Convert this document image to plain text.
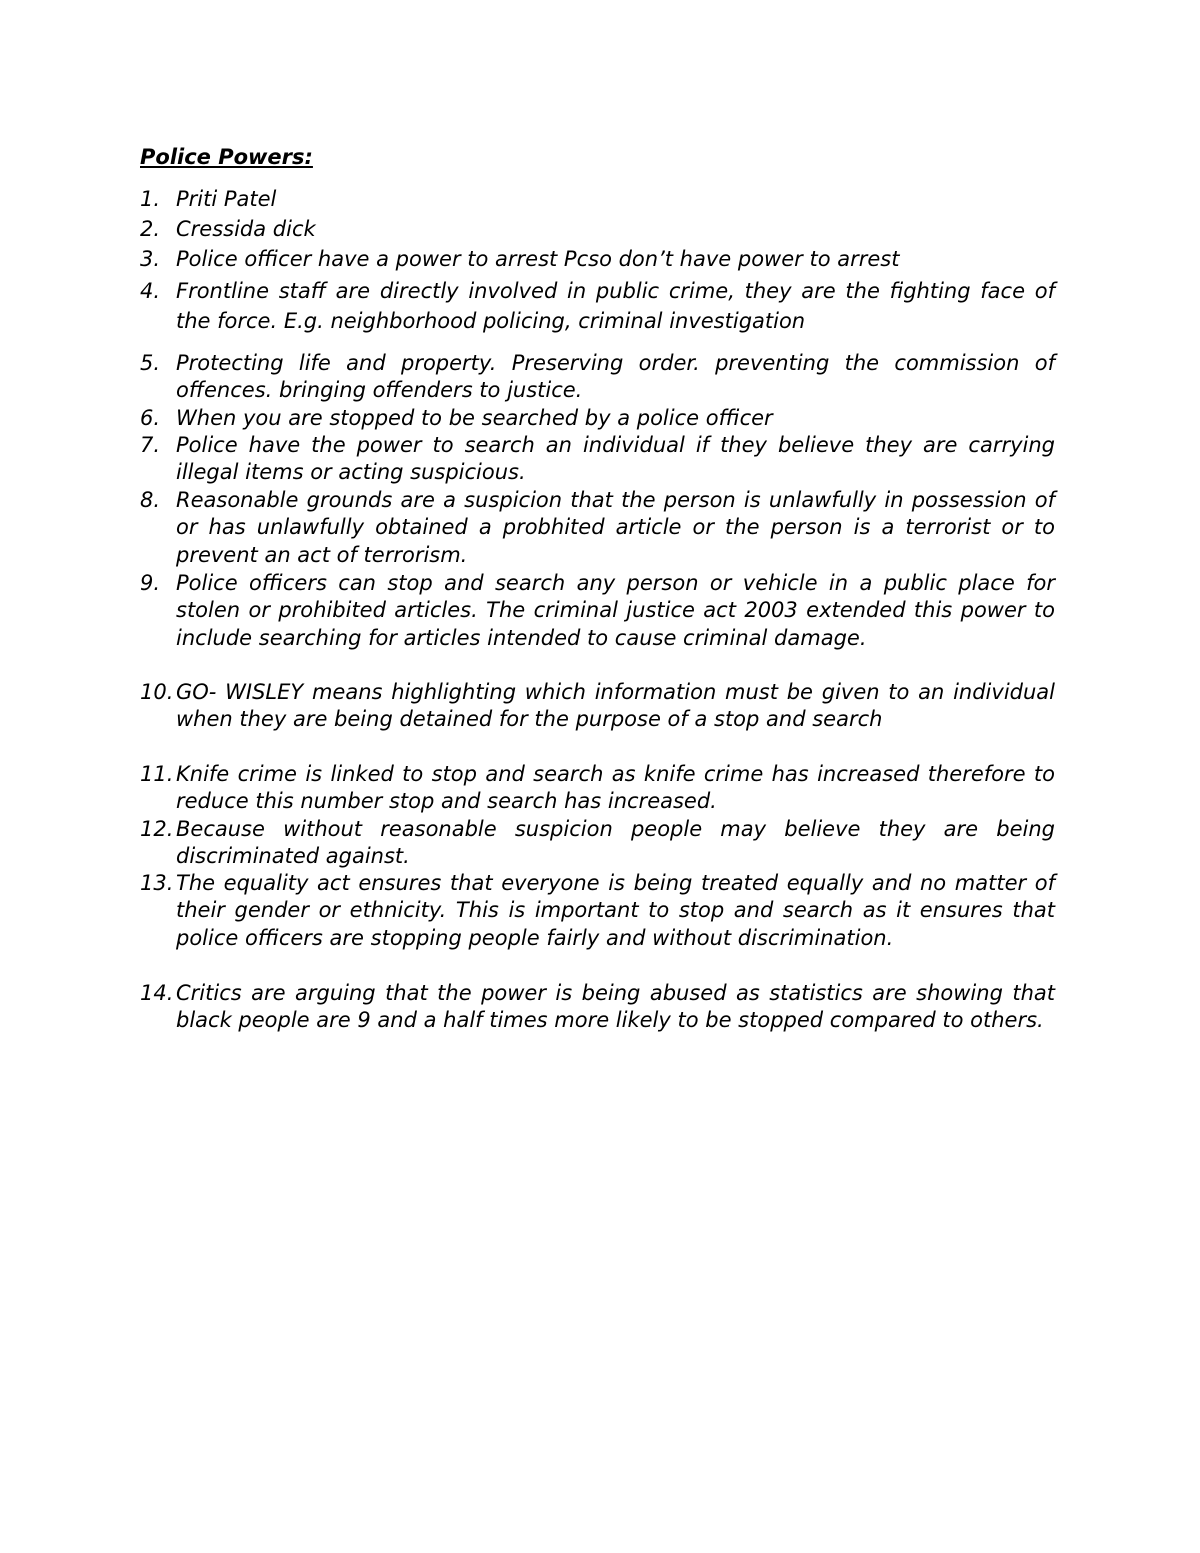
Police Powers:
1. Priti Patel
2. Cressida dick
3. Police officer have a power to arrest Pcso don’t have power to arrest
4. Frontline staff are directly involved in public crime, they are the fighting face of the force. E.g. neighborhood policing, criminal investigation
5. Protecting life and property. Preserving order. preventing the commission of offences. bringing offenders to justice.
6. When you are stopped to be searched by a police officer
7. Police have the power to search an individual if they believe they are carrying illegal items or acting suspicious.
8. Reasonable grounds are a suspicion that the person is unlawfully in possession of or has unlawfully obtained a probhited article or the person is a terrorist or to prevent an act of terrorism.
9. Police officers can stop and search any person or vehicle in a public place for stolen or prohibited articles. The criminal justice act 2003 extended this power to include searching for articles intended to cause criminal damage.
10. GO- WISLEY means highlighting which information must be given to an individual when they are being detained for the purpose of a stop and search
11. Knife crime is linked to stop and search as knife crime has increased therefore to reduce this number stop and search has increased.
12. Because without reasonable suspicion people may believe they are being discriminated against.
13. The equality act ensures that everyone is being treated equally and no matter of their gender or ethnicity. This is important to stop and search as it ensures that police officers are stopping people fairly and without discrimination.
14. Critics are arguing that the power is being abused as statistics are showing that black people are 9 and a half times more likely to be stopped compared to others.
